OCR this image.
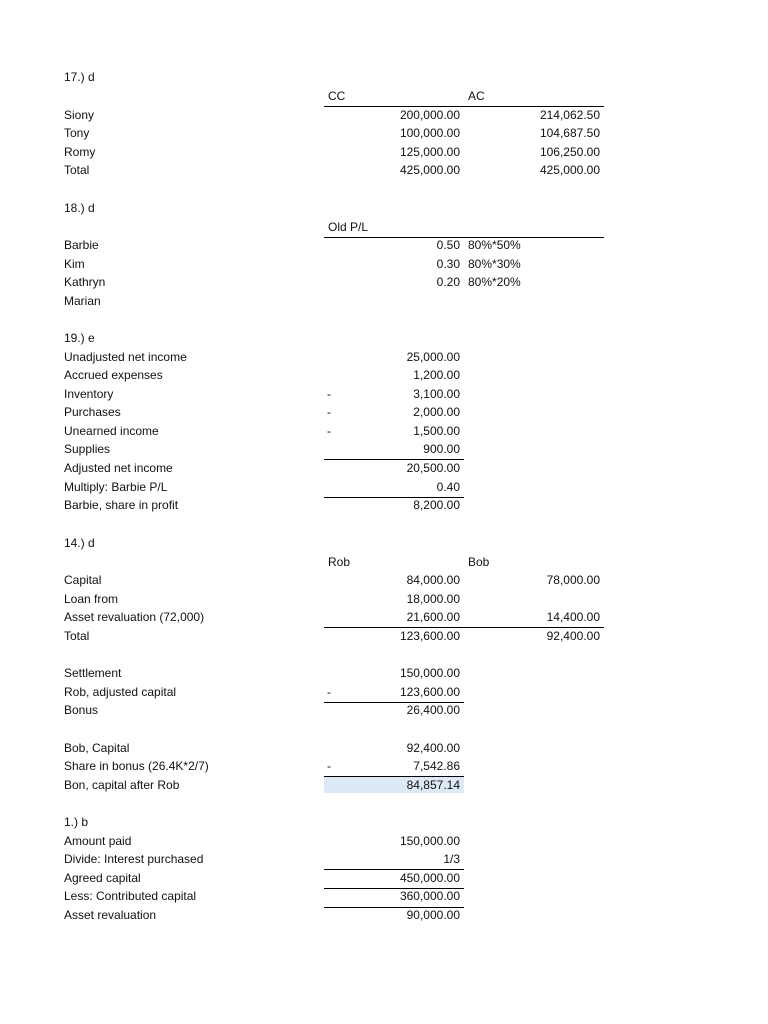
17.) d
CC	AC
Siony	200,000.00	214,062.50
Tony	100,000.00	104,687.50
Romy	125,000.00	106,250.00
Total	425,000.00	425,000.00
18.) d
Old P/L
Barbie	0.50 80%*50%
Kim	0.30 80%*30%
Kathryn	0.20 80%*20%
Marian
19.) e
Unadjusted net income	25,000.00
Accrued expenses	1,200.00
Inventory	-	3,100.00
Purchases	-	2,000.00
Unearned income	-	1,500.00
Supplies	900.00
Adjusted net income	20,500.00
Multiply: Barbie P/L	0.40
Barbie, share in profit	8,200.00
14.) d
Rob	Bob
Capital	84,000.00	78,000.00
Loan from	18,000.00
Asset revaluation (72,000)	21,600.00	14,400.00
Total	123,600.00	92,400.00
Settlement	150,000.00
Rob, adjusted capital	-	123,600.00
Bonus	26,400.00
Bob, Capital	92,400.00
Share in bonus (26.4K*2/7)	-	7,542.86
Bon, capital after Rob	84,857.14
1.) b
Amount paid	150,000.00
Divide: Interest purchased	1/3
Agreed capital	450,000.00
Less: Contributed capital	360,000.00
Asset revaluation	90,000.00
